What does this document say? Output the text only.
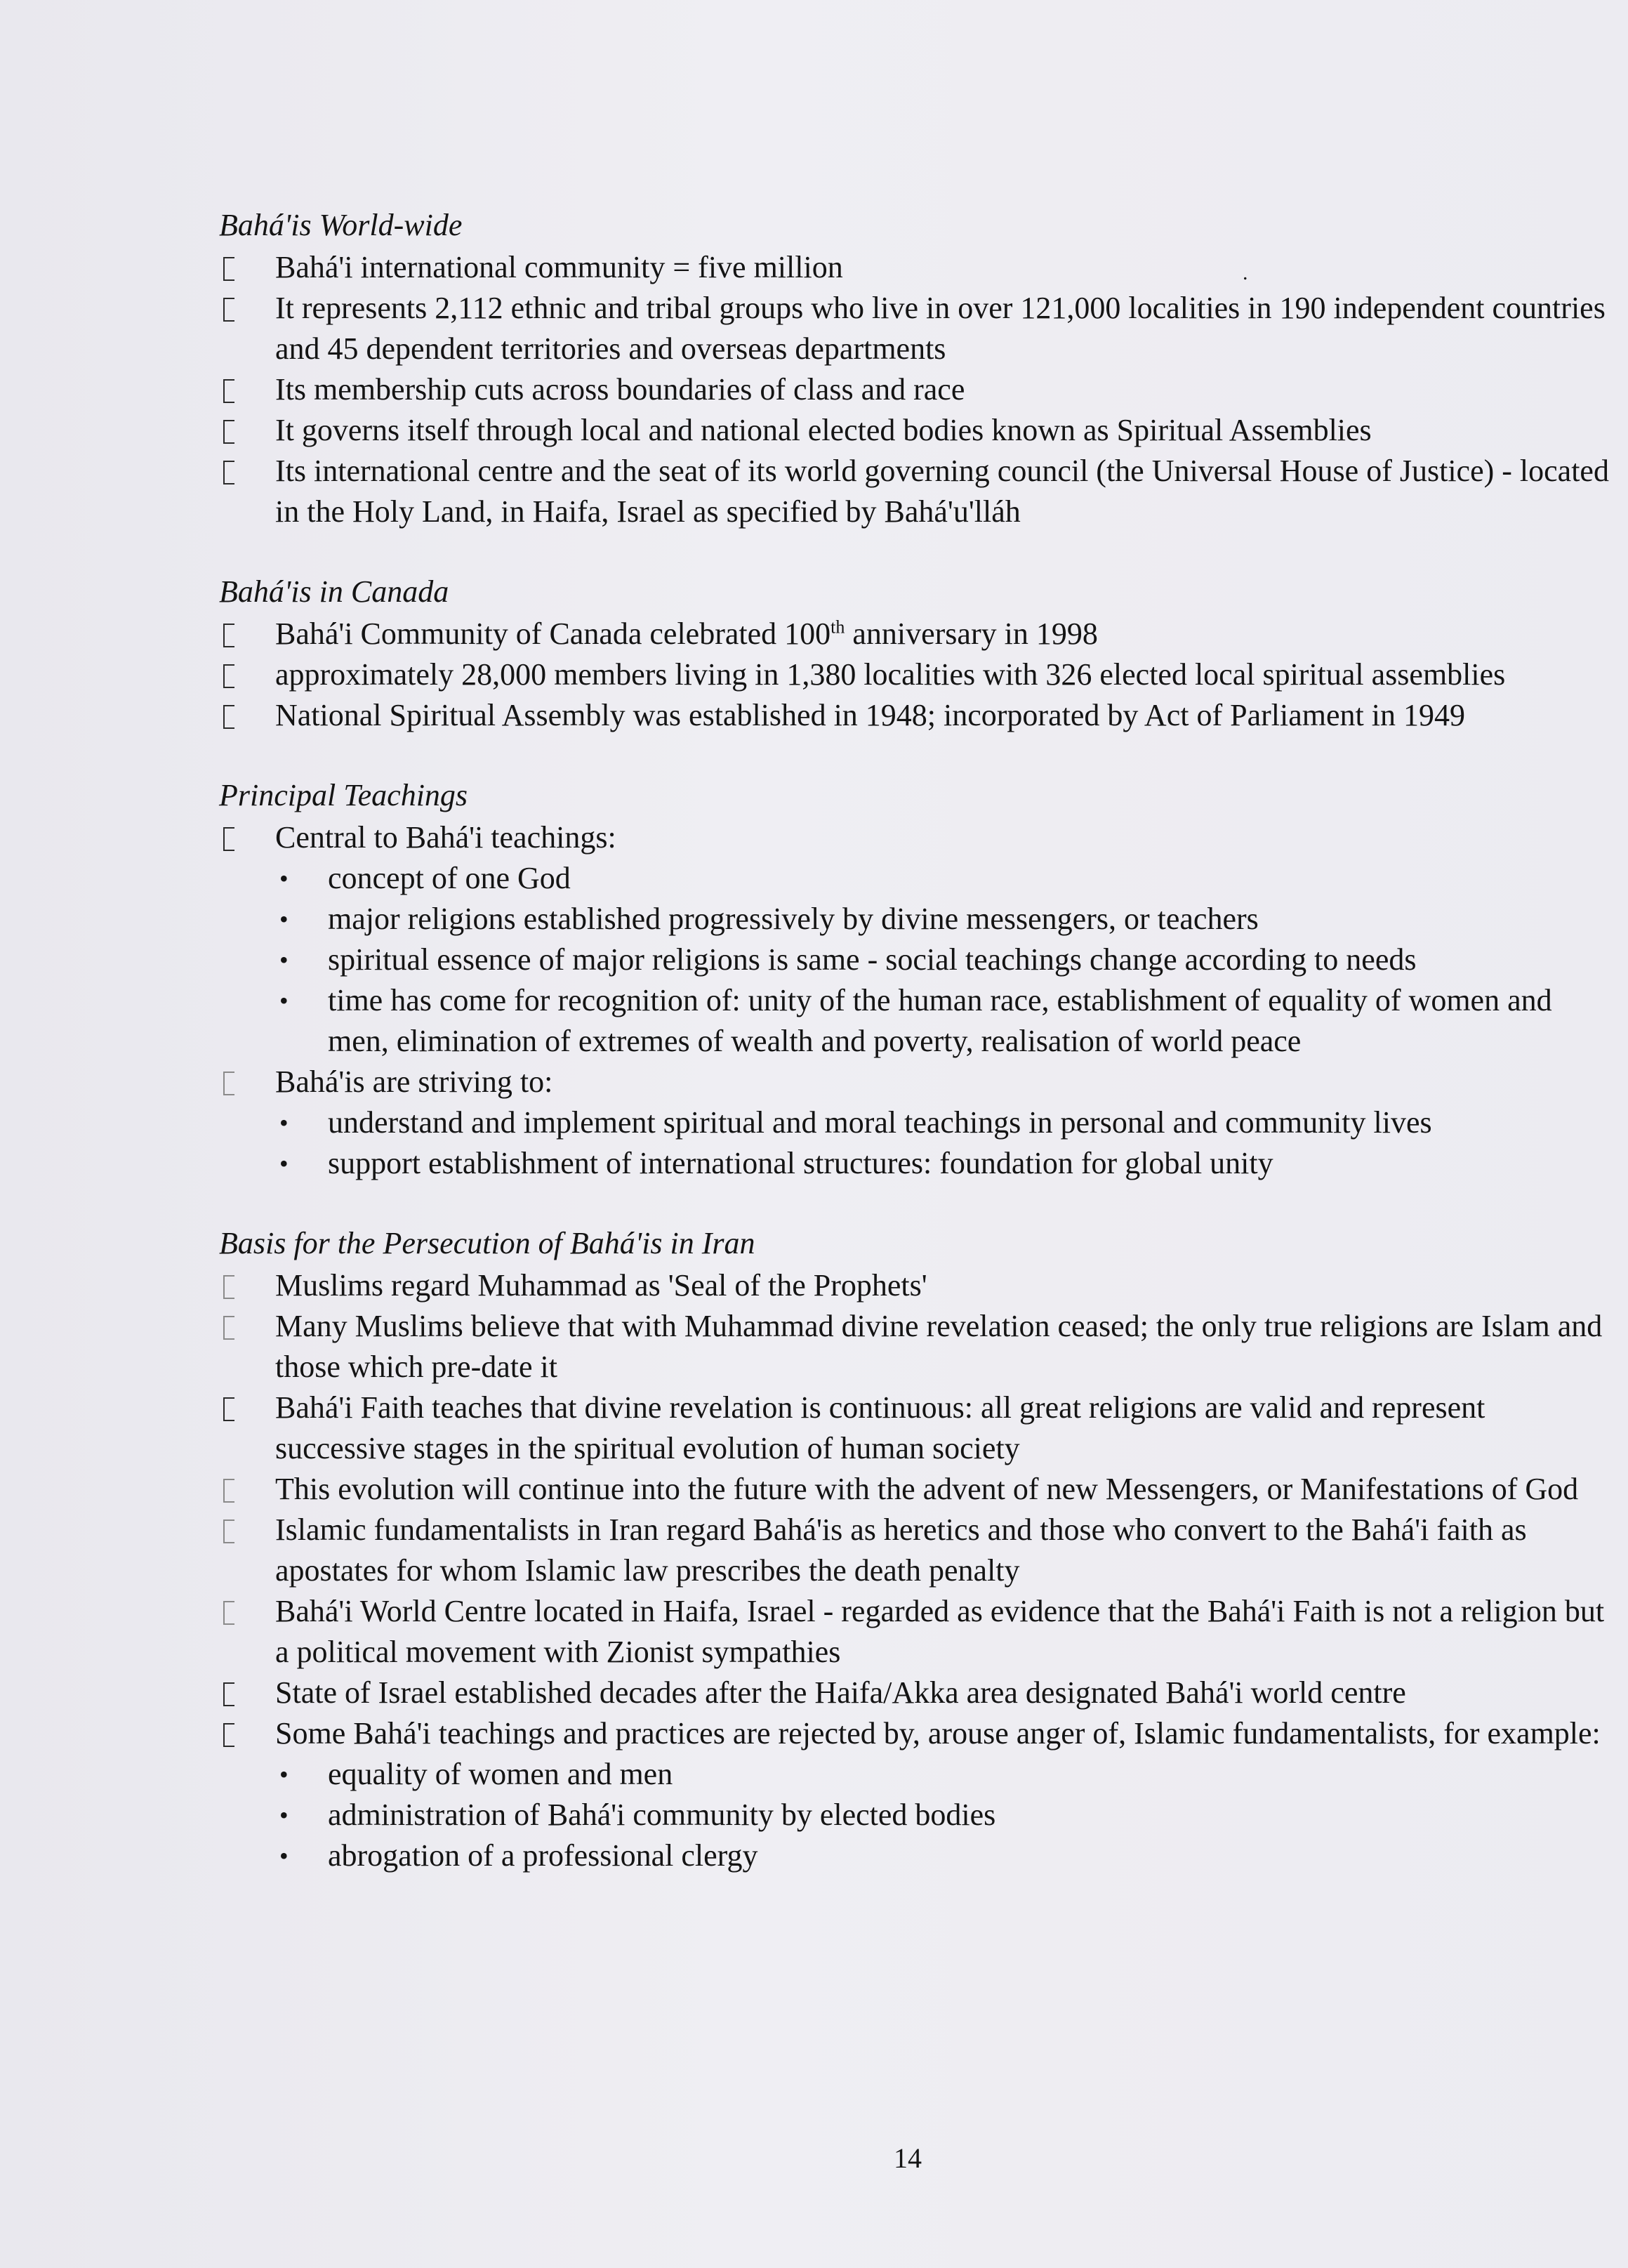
.

Bahá'is World-wide

Bahá'i international community = five million
It represents 2,112 ethnic and tribal groups who live in over 121,000 localities in 190 independent countries and 45 dependent territories and overseas departments
Its membership cuts across boundaries of class and race
It governs itself through local and national elected bodies known as Spiritual Assemblies
Its international centre and the seat of its world governing council (the Universal House of Justice) - located in the Holy Land, in Haifa, Israel as specified by Bahá'u'lláh

Bahá'is in Canada

Bahá'i Community of Canada celebrated 100th anniversary in 1998
approximately 28,000 members living in 1,380 localities with 326 elected local spiritual assemblies
National Spiritual Assembly was established in 1948; incorporated by Act of Parliament in 1949

Principal Teachings

Central to Bahá'i teachings:
• concept of one God
• major religions established progressively by divine messengers, or teachers
• spiritual essence of major religions is same - social teachings change according to needs
• time has come for recognition of: unity of the human race, establishment of equality of women and men, elimination of extremes of wealth and poverty, realisation of world peace
Bahá'is are striving to:
• understand and implement spiritual and moral teachings in personal and community lives
• support establishment of international structures: foundation for global unity

Basis for the Persecution of Bahá'is in Iran

Muslims regard Muhammad as 'Seal of the Prophets'
Many Muslims believe that with Muhammad divine revelation ceased; the only true religions are Islam and those which pre-date it
Bahá'i Faith teaches that divine revelation is continuous: all great religions are valid and represent successive stages in the spiritual evolution of human society
This evolution will continue into the future with the advent of new Messengers, or Manifestations of God
Islamic fundamentalists in Iran regard Bahá'is as heretics and those who convert to the Bahá'i faith as apostates for whom Islamic law prescribes the death penalty
Bahá'i World Centre located in Haifa, Israel - regarded as evidence that the Bahá'i Faith is not a religion but a political movement with Zionist sympathies
State of Israel established decades after the Haifa/Akka area designated Bahá'i world centre
Some Bahá'i teachings and practices are rejected by, arouse anger of, Islamic fundamentalists, for example:
• equality of women and men
• administration of Bahá'i community by elected bodies
• abrogation of a professional clergy
14
